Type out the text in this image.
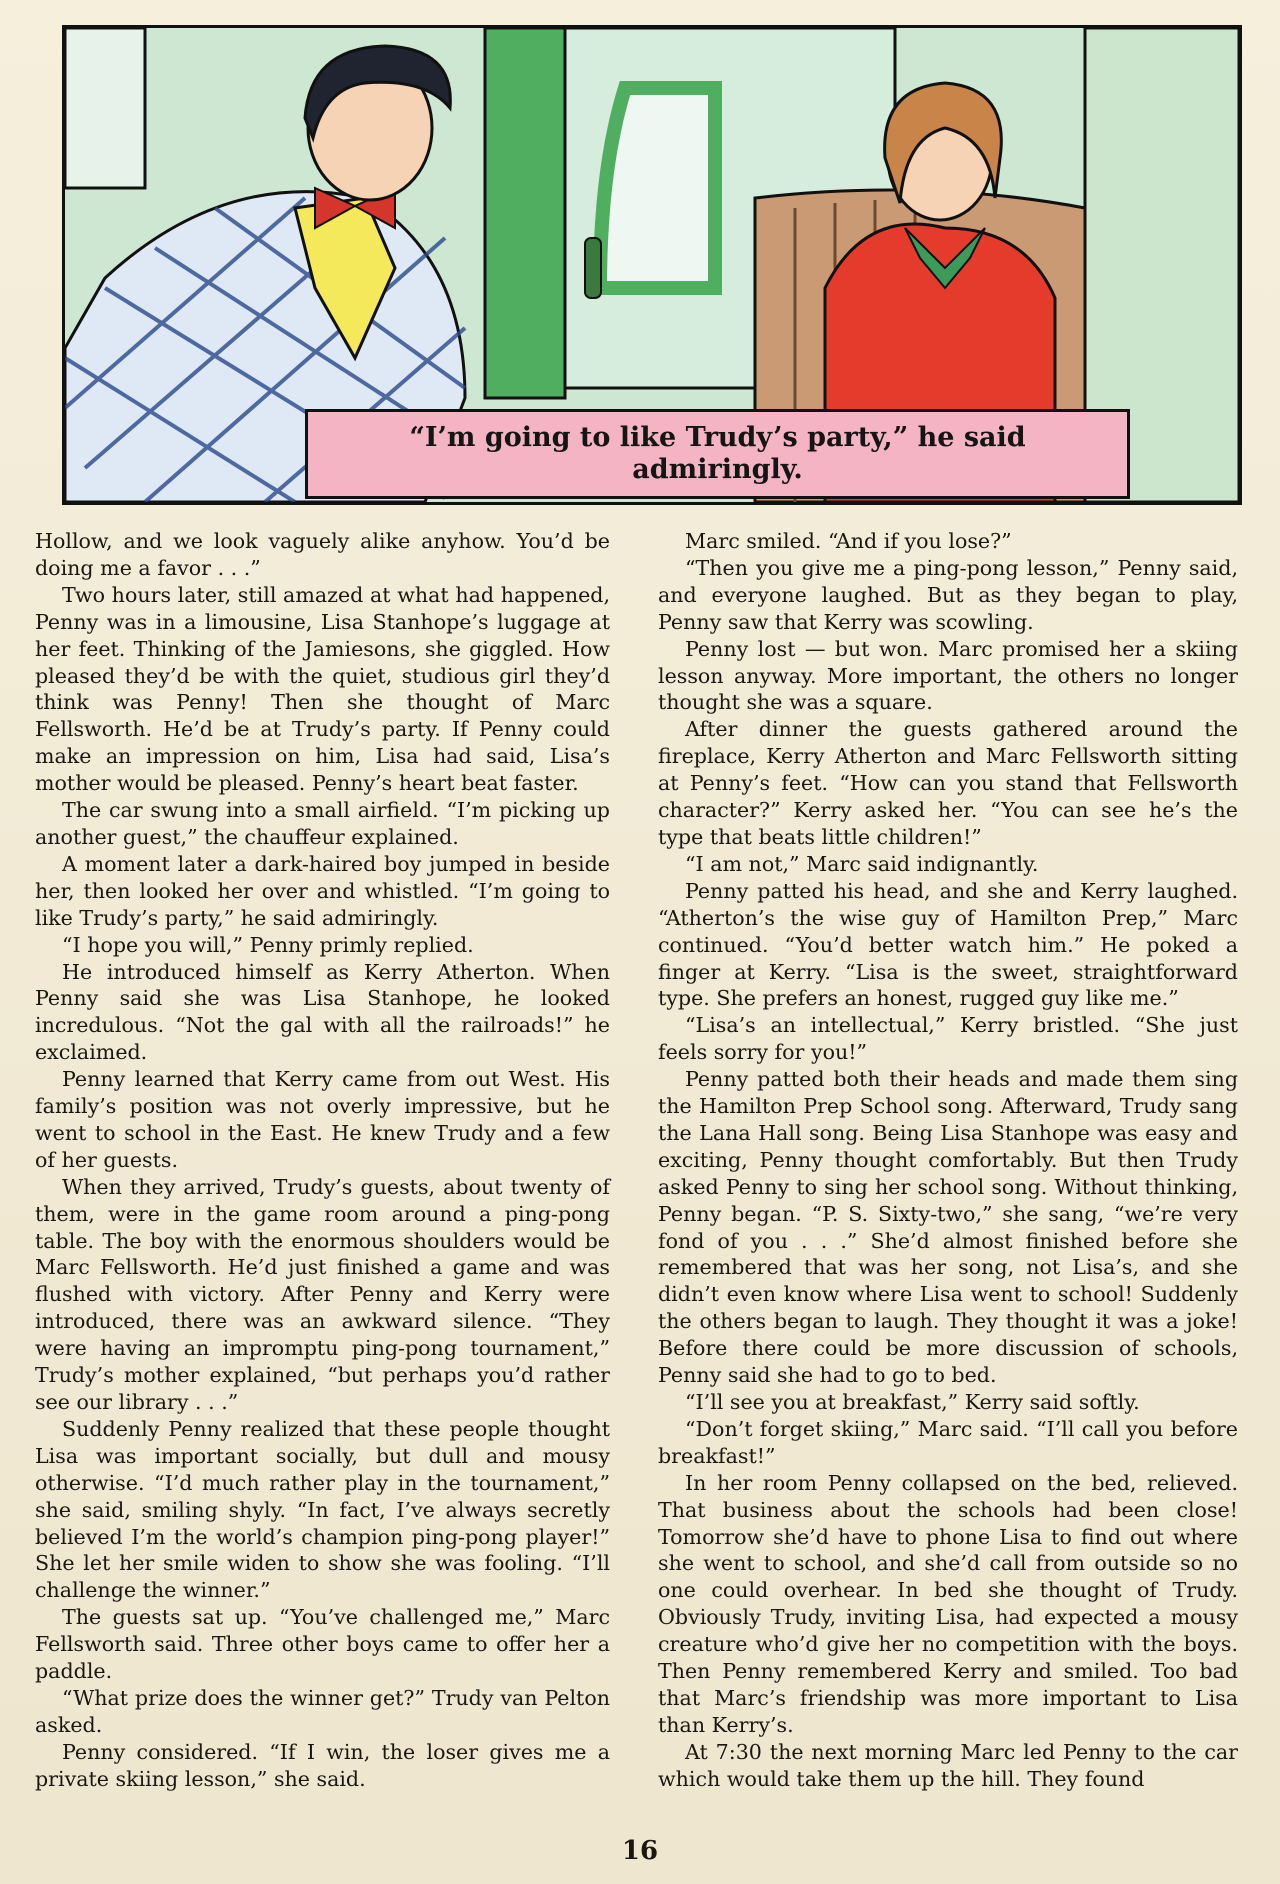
“I’m going to like Trudy’s party,” he said admiringly.

Hollow, and we look vaguely alike anyhow. You’d be doing me a favor . . .”

Two hours later, still amazed at what had happened, Penny was in a limousine, Lisa Stanhope’s luggage at her feet. Thinking of the Jamiesons, she giggled. How pleased they’d be with the quiet, studious girl they’d think was Penny! Then she thought of Marc Fellsworth. He’d be at Trudy’s party. If Penny could make an impression on him, Lisa had said, Lisa’s mother would be pleased. Penny’s heart beat faster.

The car swung into a small airfield. “I’m picking up another guest,” the chauffeur explained.

A moment later a dark-haired boy jumped in beside her, then looked her over and whistled. “I’m going to like Trudy’s party,” he said admiringly.

“I hope you will,” Penny primly replied.

He introduced himself as Kerry Atherton. When Penny said she was Lisa Stanhope, he looked incredulous. “Not the gal with all the railroads!” he exclaimed.

Penny learned that Kerry came from out West. His family’s position was not overly impressive, but he went to school in the East. He knew Trudy and a few of her guests.

When they arrived, Trudy’s guests, about twenty of them, were in the game room around a ping-pong table. The boy with the enormous shoulders would be Marc Fellsworth. He’d just finished a game and was flushed with victory. After Penny and Kerry were introduced, there was an awkward silence. “They were having an impromptu ping-pong tournament,” Trudy’s mother explained, “but perhaps you’d rather see our library . . .”

Suddenly Penny realized that these people thought Lisa was important socially, but dull and mousy otherwise. “I’d much rather play in the tournament,” she said, smiling shyly. “In fact, I’ve always secretly believed I’m the world’s champion ping-pong player!” She let her smile widen to show she was fooling. “I’ll challenge the winner.”

The guests sat up. “You’ve challenged me,” Marc Fellsworth said. Three other boys came to offer her a paddle.

“What prize does the winner get?” Trudy van Pelton asked.

Penny considered. “If I win, the loser gives me a private skiing lesson,” she said.

Marc smiled. “And if you lose?”

“Then you give me a ping-pong lesson,” Penny said, and everyone laughed. But as they began to play, Penny saw that Kerry was scowling.

Penny lost — but won. Marc promised her a skiing lesson anyway. More important, the others no longer thought she was a square.

After dinner the guests gathered around the fireplace, Kerry Atherton and Marc Fellsworth sitting at Penny’s feet. “How can you stand that Fellsworth character?” Kerry asked her. “You can see he’s the type that beats little children!”

“I am not,” Marc said indignantly.

Penny patted his head, and she and Kerry laughed. “Atherton’s the wise guy of Hamilton Prep,” Marc continued. “You’d better watch him.” He poked a finger at Kerry. “Lisa is the sweet, straightforward type. She prefers an honest, rugged guy like me.”

“Lisa’s an intellectual,” Kerry bristled. “She just feels sorry for you!”

Penny patted both their heads and made them sing the Hamilton Prep School song. Afterward, Trudy sang the Lana Hall song. Being Lisa Stanhope was easy and exciting, Penny thought comfortably. But then Trudy asked Penny to sing her school song. Without thinking, Penny began. “P. S. Sixty-two,” she sang, “we’re very fond of you . . .” She’d almost finished before she remembered that was her song, not Lisa’s, and she didn’t even know where Lisa went to school! Suddenly the others began to laugh. They thought it was a joke! Before there could be more discussion of schools, Penny said she had to go to bed.

“I’ll see you at breakfast,” Kerry said softly.

“Don’t forget skiing,” Marc said. “I’ll call you before breakfast!”

In her room Penny collapsed on the bed, relieved. That business about the schools had been close! Tomorrow she’d have to phone Lisa to find out where she went to school, and she’d call from outside so no one could overhear. In bed she thought of Trudy. Obviously Trudy, inviting Lisa, had expected a mousy creature who’d give her no competition with the boys. Then Penny remembered Kerry and smiled. Too bad that Marc’s friendship was more important to Lisa than Kerry’s.

At 7:30 the next morning Marc led Penny to the car which would take them up the hill. They found

16
